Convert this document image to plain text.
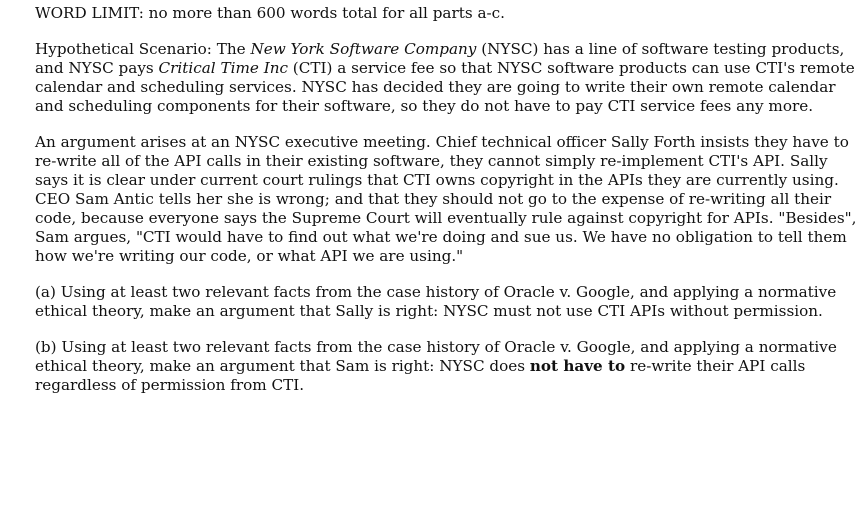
WORD LIMIT: no more than 600 words total for all parts a-c.

Hypothetical Scenario: The New York Software Company (NYSC) has a line of software testing products, and NYSC pays Critical Time Inc (CTI) a service fee so that NYSC software products can use CTI's remote calendar and scheduling services. NYSC has decided they are going to write their own remote calendar and scheduling components for their software, so they do not have to pay CTI service fees any more.

An argument arises at an NYSC executive meeting. Chief technical officer Sally Forth insists they have to re-write all of the API calls in their existing software, they cannot simply re-implement CTI's API. Sally says it is clear under current court rulings that CTI owns copyright in the APIs they are currently using. CEO Sam Antic tells her she is wrong; and that they should not go to the expense of re-writing all their code, because everyone says the Supreme Court will eventually rule against copyright for APIs. "Besides", Sam argues, "CTI would have to find out what we're doing and sue us. We have no obligation to tell them how we're writing our code, or what API we are using."

(a) Using at least two relevant facts from the case history of Oracle v. Google, and applying a normative ethical theory, make an argument that Sally is right: NYSC must not use CTI APIs without permission.

(b) Using at least two relevant facts from the case history of Oracle v. Google, and applying a normative ethical theory, make an argument that Sam is right: NYSC does not have to re-write their API calls regardless of permission from CTI.
